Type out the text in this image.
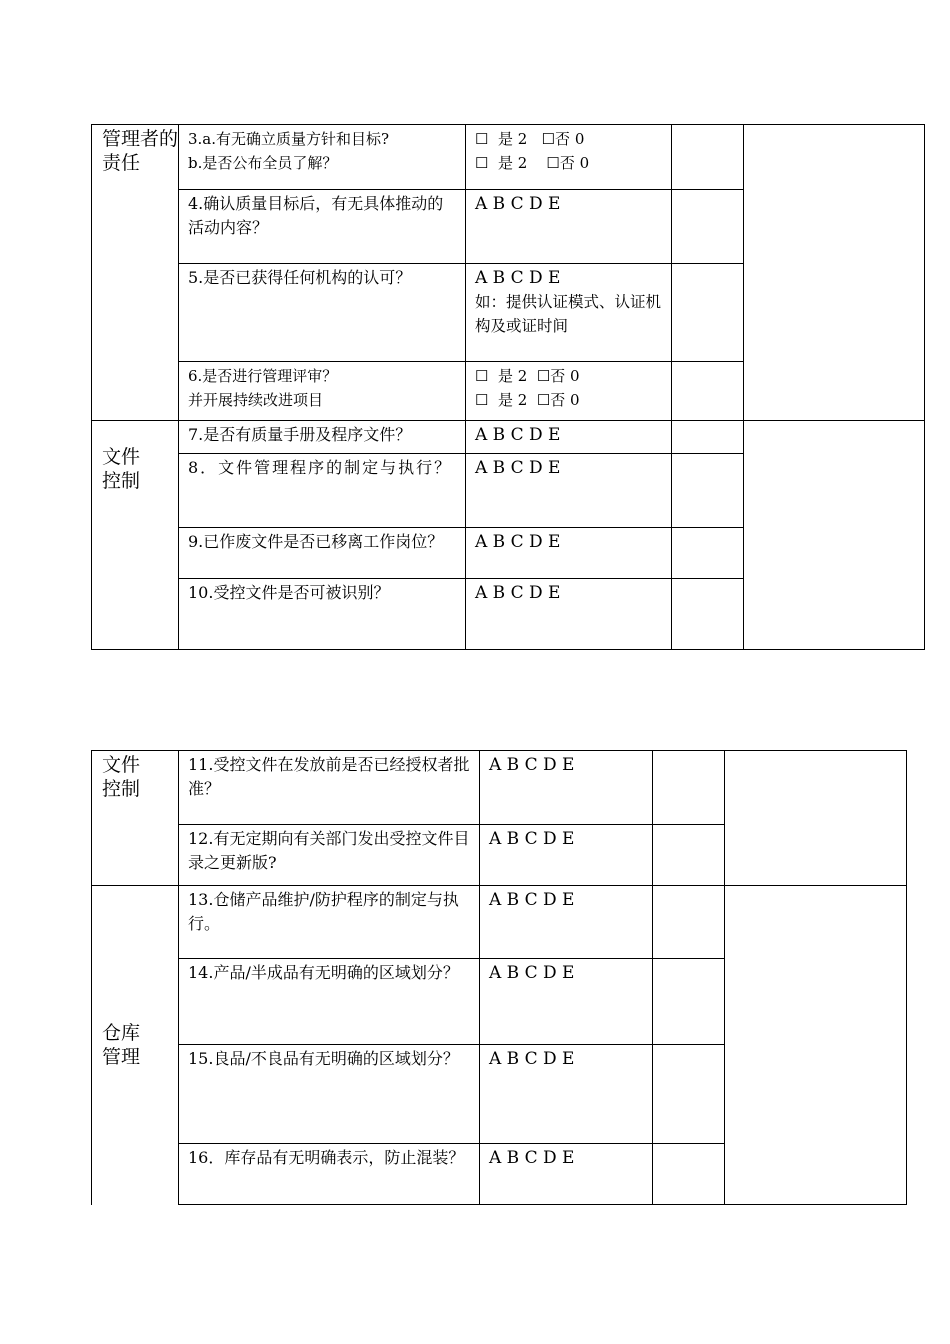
管理者的责任	3.a.有无确立质量方针和目标?
b.是否公布全员了解？	☐  是 2   ☐否 0
☐  是 2    ☐否 0		

	4.确认质量目标后，有无具体推动的活动内容？	A B C D E		
	5.是否已获得任何机构的认可？	A B C D E
如：提供认证模式、认证机构及或证时间		

	6.是否进行管理评审？
并开展持续改进项目	☐  是 2  ☐否 0
☐  是 2  ☐否 0		

文件控制	7.是否有质量手册及程序文件？	A B C D E		
	8．文件管理程序的制定与执行？	A B C D E		
	9.已作废文件是否已移离工作岗位？	A B C D E		
	10.受控文件是否可被识别？	A B C D E		
文件控制	11.受控文件在发放前是否已经授权者批准？	A B C D E		
	12.有无定期向有关部门发出受控文件目录之更新版?	A B C D E		

仓库管理	13.仓储产品维护/防护程序的制定与执行。	A B C D E		
	14.产品/半成品有无明确的区域划分？	A B C D E		
	15.良品/不良品有无明确的区域划分？	A B C D E		
	16．库存品有无明确表示，防止混装？	A B C D E		
